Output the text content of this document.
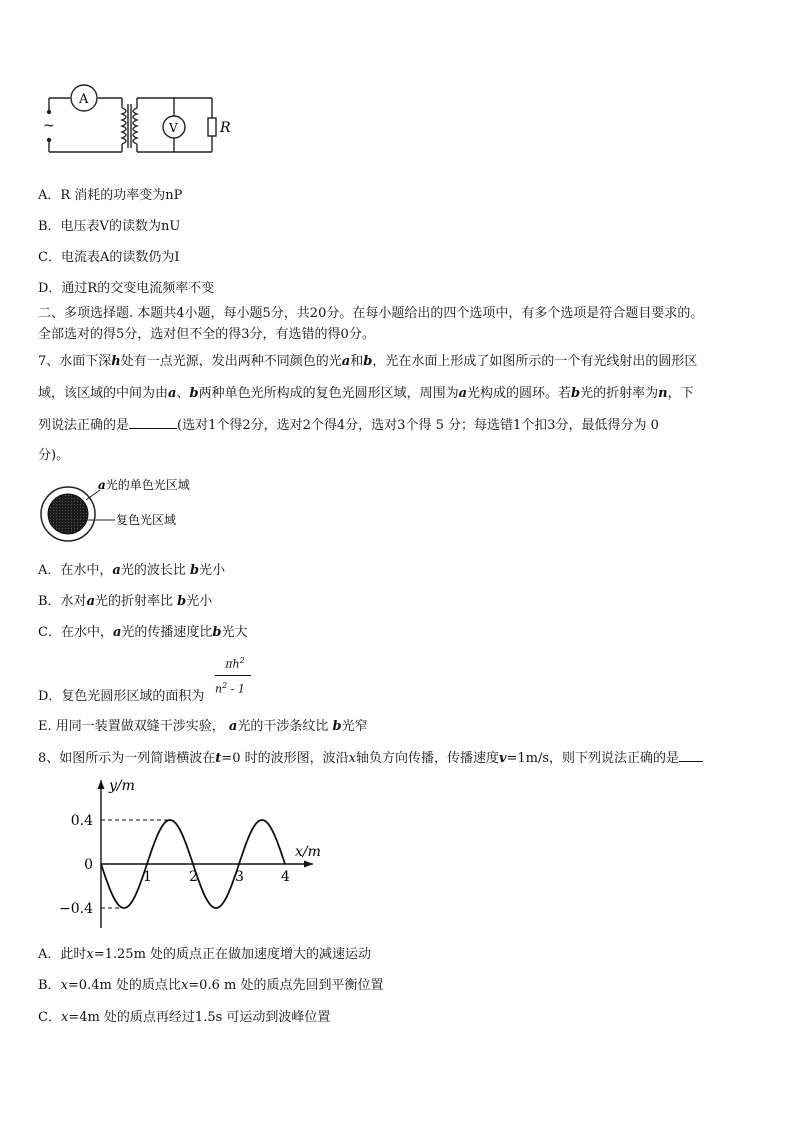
~
A
V	R
A．R 消耗的功率变为nP
B．电压表V的读数为nU
C．电流表A的读数仍为I
D．通过R的交变电流频率不变
二、多项选择题. 本题共4小题，每小题5分，共20分。在每小题给出的四个选项中，有多个选项是符合题目要求的。
全部选对的得5分，选对但不全的得3分，有选错的得0分。
7、水面下深h处有一点光源，发出两种不同颜色的光a和b，光在水面上形成了如图所示的一个有光线射出的圆形区
域，该区域的中间为由a、b两种单色光所构成的复色光圆形区域，周围为a光构成的圆环。若b光的折射率为n，下
列说法正确的是	(选对1个得2分，选对2个得4分，选对3个得 5 分；每选错1个扣3分，最低得分为 0
分)。
a光的单色光区域
复色光区域
A．在水中，a光的波长比 b光小
B．水对a光的折射率比 b光小
C．在水中，a光的传播速度比b光大
$\pi h^2$
$n^2 - 1$
D．复色光圆形区域的面积为
E. 用同一装置做双缝干涉实验， a光的干涉条纹比 b光窄
8、如图所示为一列简谐横波在t=0 时的波形图，波沿x轴负方向传播，传播速度v=1m/s，则下列说法正确的是
y/m
x/m
1	2	3	4
0.4
0
−0.4
A．此时x=1.25m 处的质点正在做加速度增大的减速运动
B．x=0.4m 处的质点比x=0.6 m 处的质点先回到平衡位置
C．x=4m 处的质点再经过1.5s 可运动到波峰位置
